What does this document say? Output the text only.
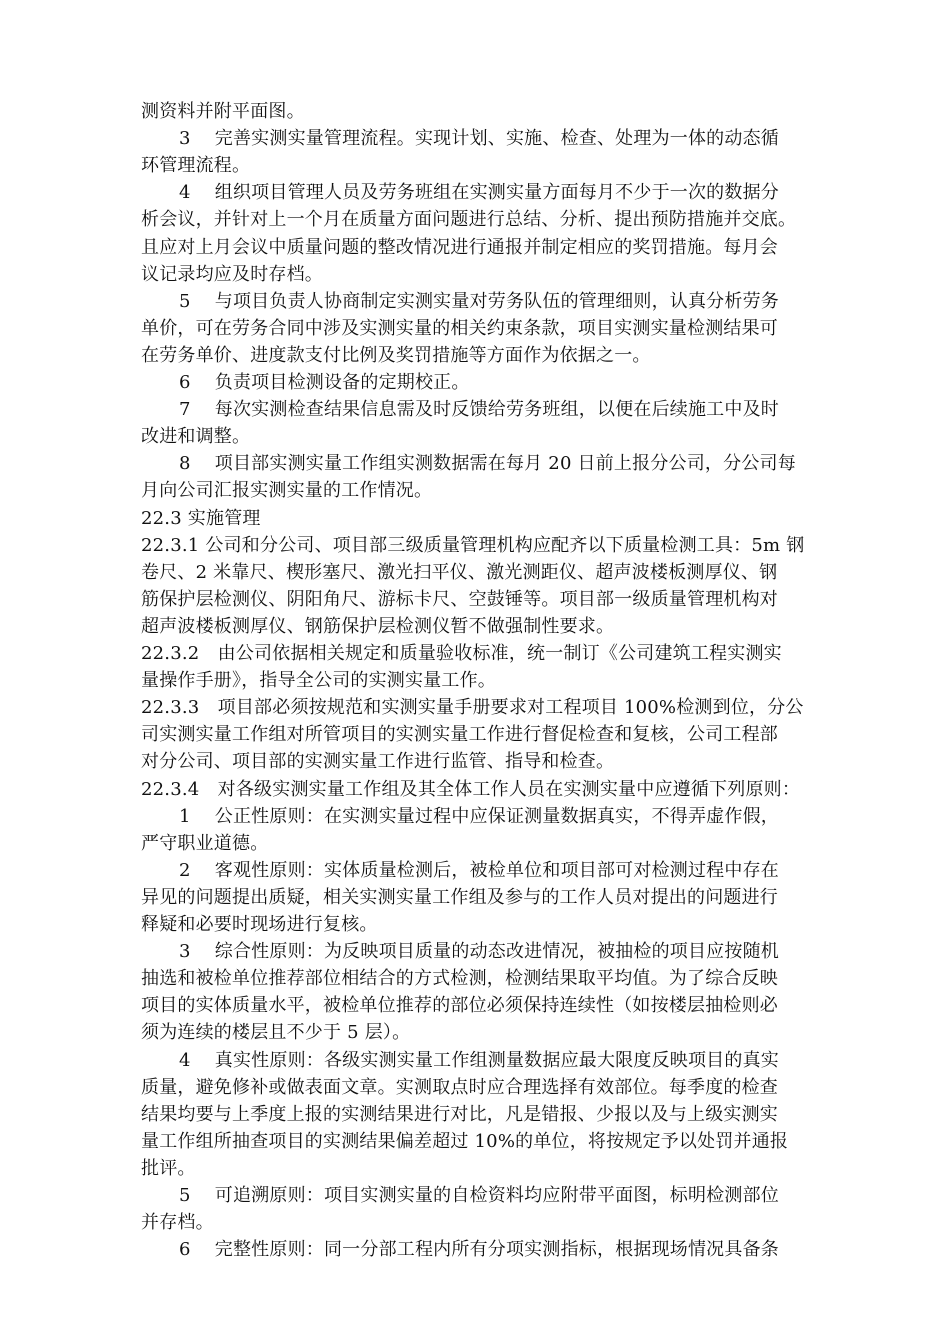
测资料并附平面图。
3　 完善实测实量管理流程。实现计划、实施、检查、处理为一体的动态循
环管理流程。
4　 组织项目管理人员及劳务班组在实测实量方面每月不少于一次的数据分
析会议，并针对上一个月在质量方面问题进行总结、分析、提出预防措施并交底。
且应对上月会议中质量问题的整改情况进行通报并制定相应的奖罚措施。每月会
议记录均应及时存档。
5　 与项目负责人协商制定实测实量对劳务队伍的管理细则，认真分析劳务
单价，可在劳务合同中涉及实测实量的相关约束条款，项目实测实量检测结果可
在劳务单价、进度款支付比例及奖罚措施等方面作为依据之一。
6　 负责项目检测设备的定期校正。
7　 每次实测检查结果信息需及时反馈给劳务班组，以便在后续施工中及时
改进和调整。
8　 项目部实测实量工作组实测数据需在每月 20 日前上报分公司，分公司每
月向公司汇报实测实量的工作情况。
22.3 实施管理
22.3.1 公司和分公司、项目部三级质量管理机构应配齐以下质量检测工具：5m 钢
卷尺、2 米靠尺、楔形塞尺、激光扫平仪、激光测距仪、超声波楼板测厚仪、钢
筋保护层检测仪、阴阳角尺、游标卡尺、空鼓锤等。项目部一级质量管理机构对
超声波楼板测厚仪、钢筋保护层检测仪暂不做强制性要求。
22.3.2　由公司依据相关规定和质量验收标准，统一制订《公司建筑工程实测实
量操作手册》，指导全公司的实测实量工作。
22.3.3　项目部必须按规范和实测实量手册要求对工程项目 100%检测到位，分公
司实测实量工作组对所管项目的实测实量工作进行督促检查和复核，公司工程部
对分公司、项目部的实测实量工作进行监管、指导和检查。
22.3.4　对各级实测实量工作组及其全体工作人员在实测实量中应遵循下列原则：
1　 公正性原则：在实测实量过程中应保证测量数据真实，不得弄虚作假，
严守职业道德。
2　 客观性原则：实体质量检测后，被检单位和项目部可对检测过程中存在
异见的问题提出质疑，相关实测实量工作组及参与的工作人员对提出的问题进行
释疑和必要时现场进行复核。
3　 综合性原则：为反映项目质量的动态改进情况，被抽检的项目应按随机
抽选和被检单位推荐部位相结合的方式检测，检测结果取平均值。为了综合反映
项目的实体质量水平，被检单位推荐的部位必须保持连续性（如按楼层抽检则必
须为连续的楼层且不少于 5 层）。
4　 真实性原则：各级实测实量工作组测量数据应最大限度反映项目的真实
质量，避免修补或做表面文章。实测取点时应合理选择有效部位。每季度的检查
结果均要与上季度上报的实测结果进行对比，凡是错报、少报以及与上级实测实
量工作组所抽查项目的实测结果偏差超过 10%的单位，将按规定予以处罚并通报
批评。
5　 可追溯原则：项目实测实量的自检资料均应附带平面图，标明检测部位
并存档。
6　 完整性原则：同一分部工程内所有分项实测指标，根据现场情况具备条
